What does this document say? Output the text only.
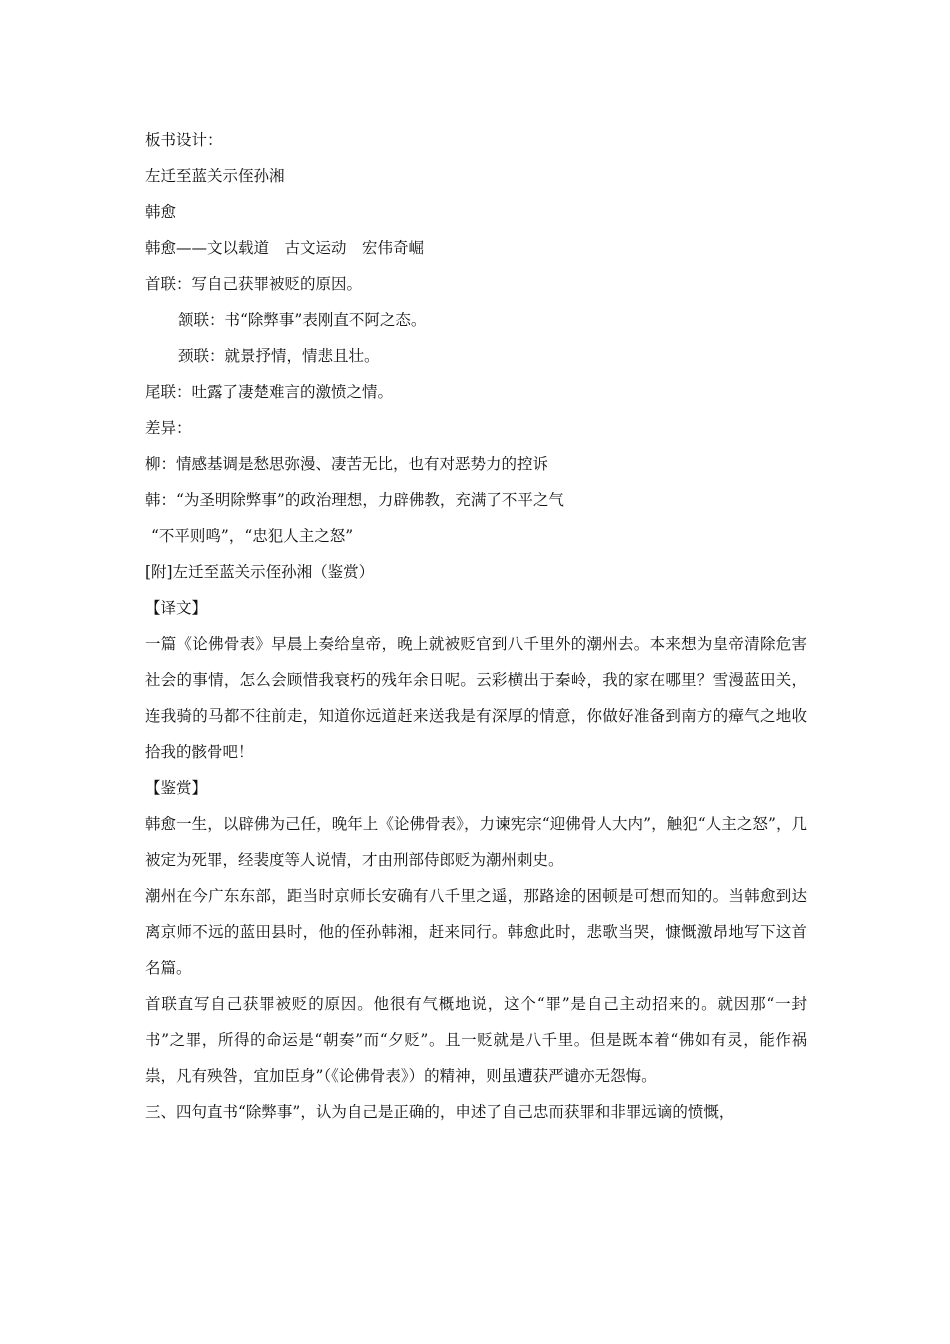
板书设计：
左迁至蓝关示侄孙湘
韩愈
韩愈——文以载道　古文运动　宏伟奇崛
首联：写自己获罪被贬的原因。
颔联：书“除弊事”表刚直不阿之态。
颈联：就景抒情，情悲且壮。
尾联：吐露了凄楚难言的激愤之情。
差异：
柳：情感基调是愁思弥漫、凄苦无比，也有对恶势力的控诉
韩：“为圣明除弊事”的政治理想，力辟佛教，充满了不平之气
“不平则鸣”，“忠犯人主之怒”
[附]左迁至蓝关示侄孙湘（鉴赏）
【译文】

一篇《论佛骨表》早晨上奏给皇帝，晚上就被贬官到八千里外的潮州去。本来想为皇帝清除危害社会的事情，怎么会顾惜我衰朽的残年余日呢。云彩横出于秦岭，我的家在哪里？雪漫蓝田关，连我骑的马都不往前走，知道你远道赶来送我是有深厚的情意，你做好准备到南方的瘴气之地收拾我的骸骨吧！

【鉴赏】

韩愈一生，以辟佛为己任，晚年上《论佛骨表》，力谏宪宗“迎佛骨人大内”，触犯“人主之怒”，几被定为死罪，经裴度等人说情，才由刑部侍郎贬为潮州刺史。

潮州在今广东东部，距当时京师长安确有八千里之遥，那路途的困顿是可想而知的。当韩愈到达离京师不远的蓝田县时，他的侄孙韩湘，赶来同行。韩愈此时，悲歌当哭，慷慨激昂地写下这首名篇。

首联直写自己获罪被贬的原因。他很有气概地说，这个“罪”是自己主动招来的。就因那“一封书”之罪，所得的命运是“朝奏”而“夕贬”。且一贬就是八千里。但是既本着“佛如有灵，能作祸祟，凡有殃咎，宜加臣身”（《论佛骨表》）的精神，则虽遭获严谴亦无怨悔。

三、四句直书“除弊事”，认为自己是正确的，申述了自己忠而获罪和非罪远谪的愤慨，
